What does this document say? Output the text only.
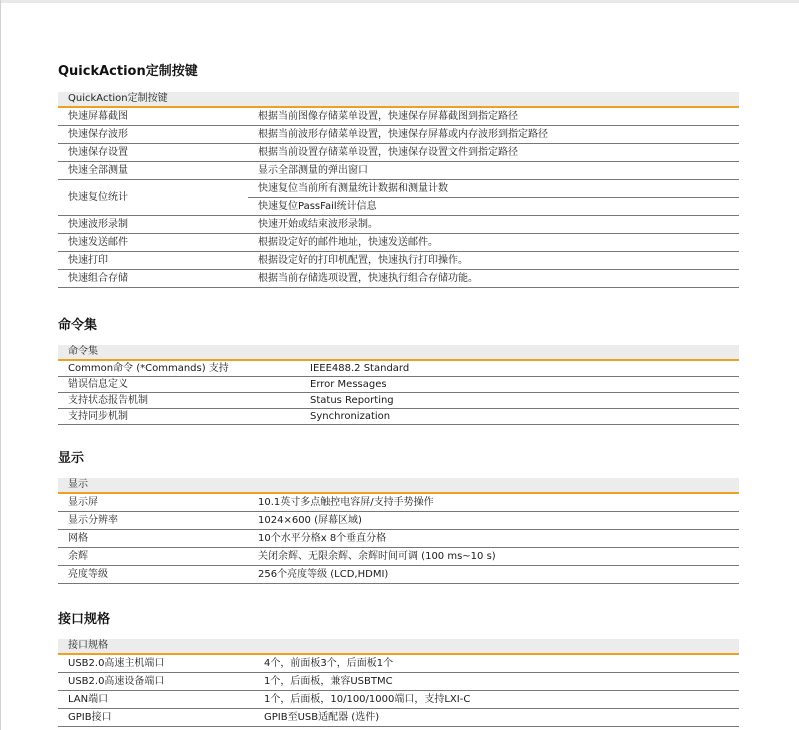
QuickAction定制按键
QuickAction定制按键	
快速屏幕截图	根据当前图像存储菜单设置，快速保存屏幕截图到指定路径
快速保存波形	根据当前波形存储菜单设置，快速保存屏幕或内存波形到指定路径
快速保存设置	根据当前设置存储菜单设置，快速保存设置文件到指定路径
快速全部测量	显示全部测量的弹出窗口
快速复位统计	快速复位当前所有测量统计数据和测量计数
	快速复位PassFail统计信息
快速波形录制	快速开始或结束波形录制。
快速发送邮件	根据设定好的邮件地址，快速发送邮件。
快速打印	根据设定好的打印机配置，快速执行打印操作。
快速组合存储	根据当前存储选项设置，快速执行组合存储功能。
命令集
命令集	
Common命令 (*Commands) 支持	IEEE488.2 Standard
错误信息定义	Error Messages
支持状态报告机制	Status Reporting
支持同步机制	Synchronization
显示
显示	
显示屏	10.1英寸多点触控电容屏/支持手势操作
显示分辨率	1024×600 (屏幕区域)
网格	10个水平分格x 8个垂直分格
余辉	关闭余辉、无限余辉、余辉时间可调 (100 ms~10 s)
亮度等级	256个亮度等级 (LCD,HDMI)
接口规格
接口规格	
USB2.0高速主机端口	4个，前面板3个，后面板1个
USB2.0高速设备端口	1个，后面板，兼容USBTMC
LAN端口	1个，后面板，10/100/1000端口，支持LXI-C
GPIB接口	GPIB至USB适配器 (选件)
